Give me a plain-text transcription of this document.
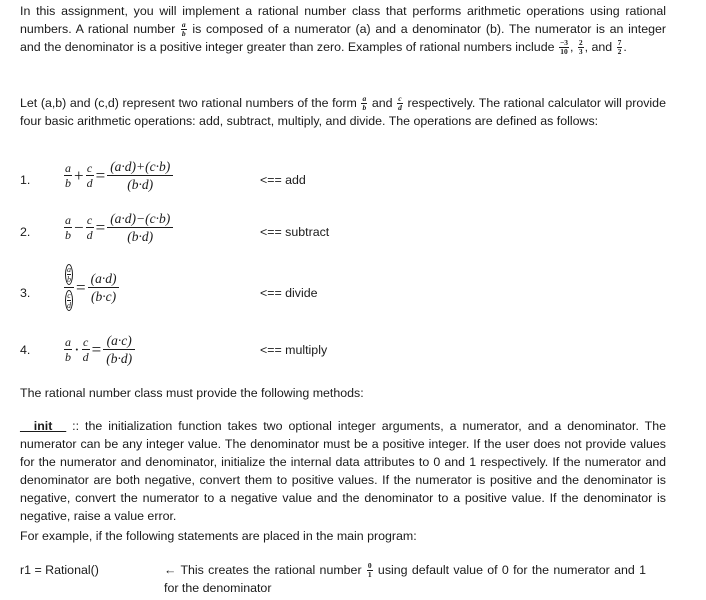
In this assignment, you will implement a rational number class that performs arithmetic operations using rational numbers. A rational number $\frac{a}{b}$ is composed of a numerator (a) and a denominator (b). The numerator is an integer and the denominator is a positive integer greater than zero. Examples of rational numbers include $\frac{-3}{10}$ , $\frac{2}{3}$ , and $\frac{7}{2}$ .
Let (a,b) and (c,d) represent two rational numbers of the form $\frac{a}{b}$ and $\frac{c}{d}$ respectively. The rational calculator will provide four basic arithmetic operations: add, subtract, multiply, and divide. The operations are defined as follows:
1.	$\frac{a}{b} + \frac{c}{d} = \frac{(a\cdot d)+(c\cdot b)}{(b\cdot d)}$	<== add
2.	$\frac{a}{b} - \frac{c}{d} = \frac{(a\cdot d)-(c\cdot b)}{(b\cdot d)}$	<== subtract
3.	$\frac{\frac{a}{b}}{\frac{c}{d}} = \frac{(a\cdot d)}{(b\cdot c)}$	<== divide
4.	$\frac{a}{b} \cdot \frac{c}{d} = \frac{(a\cdot c)}{(b\cdot d)}$	<== multiply
The rational number class must provide the following methods:
__init__ :: the initialization function takes two optional integer arguments, a numerator, and a denominator. The numerator can be any integer value. The denominator must be a positive integer. If the user does not provide values for the numerator and denominator, initialize the internal data attributes to 0 and 1 respectively. If the numerator and denominator are both negative, convert them to positive values. If the numerator is positive and the denominator is negative, convert the numerator to a negative value and the denominator to a positive value. If the denominator is negative, raise a value error.
For example, if the following statements are placed in the main program:
r1 = Rational()	← This creates the rational number $\frac{0}{1}$ using default value of 0 for the numerator and 1 for the denominator
